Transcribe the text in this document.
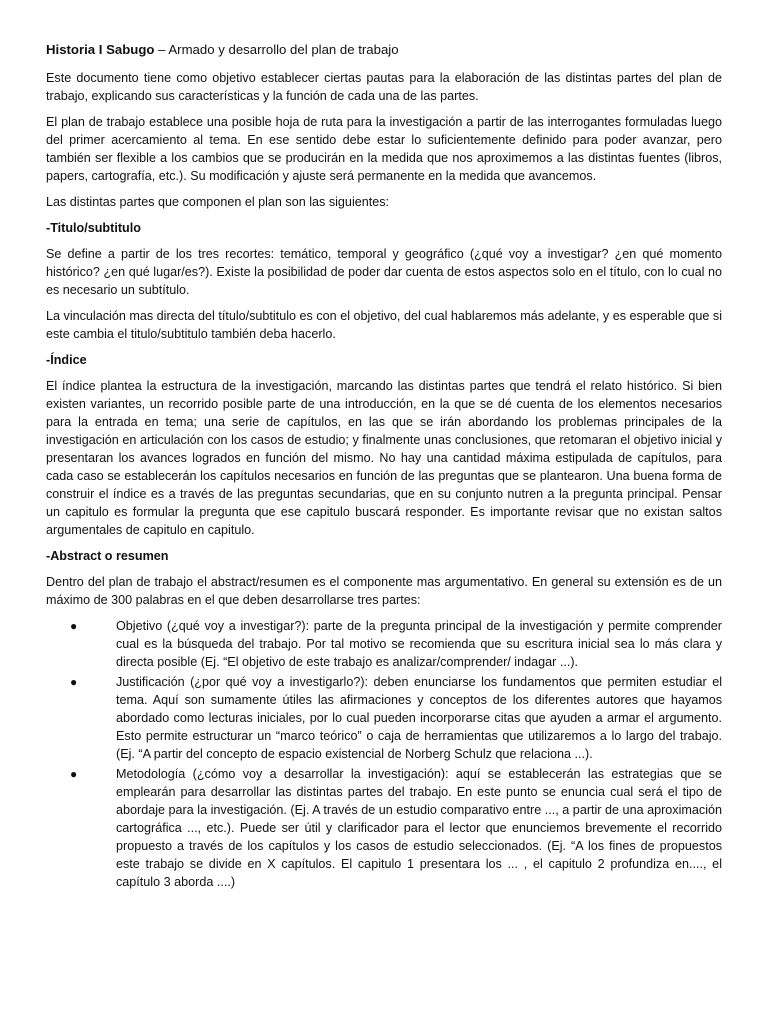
Historia I Sabugo – Armado y desarrollo del plan de trabajo

Este documento tiene como objetivo establecer ciertas pautas para la elaboración de las distintas partes del plan de trabajo, explicando sus características y la función de cada una de las partes.

El plan de trabajo establece una posible hoja de ruta para la investigación a partir de las interrogantes formuladas luego del primer acercamiento al tema. En ese sentido debe estar lo suficientemente definido para poder avanzar, pero también ser flexible a los cambios que se producirán en la medida que nos aproximemos a las distintas fuentes (libros, papers, cartografía, etc.). Su modificación y ajuste será permanente en la medida que avancemos.

Las distintas partes que componen el plan son las siguientes:

-Titulo/subtitulo

Se define a partir de los tres recortes: temático, temporal y geográfico (¿qué voy a investigar? ¿en qué momento histórico? ¿en qué lugar/es?). Existe la posibilidad de poder dar cuenta de estos aspectos solo en el título, con lo cual no es necesario un subtítulo.

La vinculación mas directa del título/subtitulo es con el objetivo, del cual hablaremos más adelante, y es esperable que si este cambia el titulo/subtitulo también deba hacerlo.

-Índice

El índice plantea la estructura de la investigación, marcando las distintas partes que tendrá el relato histórico. Si bien existen variantes, un recorrido posible parte de una introducción, en la que se dé cuenta de los elementos necesarios para la entrada en tema; una serie de capítulos, en las que se irán abordando los problemas principales de la investigación en articulación con los casos de estudio; y finalmente unas conclusiones, que retomaran el objetivo inicial y presentaran los avances logrados en función del mismo. No hay una cantidad máxima estipulada de capítulos, para cada caso se establecerán los capítulos necesarios en función de las preguntas que se plantearon. Una buena forma de construir el índice es a través de las preguntas secundarias, que en su conjunto nutren a la pregunta principal. Pensar un capitulo es formular la pregunta que ese capitulo buscará responder. Es importante revisar que no existan saltos argumentales de capitulo en capitulo.

-Abstract o resumen

Dentro del plan de trabajo el abstract/resumen es el componente mas argumentativo. En general su extensión es de un máximo de 300 palabras en el que deben desarrollarse tres partes:

●	Objetivo (¿qué voy a investigar?): parte de la pregunta principal de la investigación y permite comprender cual es la búsqueda del trabajo. Por tal motivo se recomienda que su escritura inicial sea lo más clara y directa posible (Ej. “El objetivo de este trabajo es analizar/comprender/ indagar ...).
●	Justificación (¿por qué voy a investigarlo?): deben enunciarse los fundamentos que permiten estudiar el tema. Aquí son sumamente útiles las afirmaciones y conceptos de los diferentes autores que hayamos abordado como lecturas iniciales, por lo cual pueden incorporarse citas que ayuden a armar el argumento. Esto permite estructurar un “marco teórico” o caja de herramientas que utilizaremos a lo largo del trabajo. (Ej. “A partir del concepto de espacio existencial de Norberg Schulz que relaciona ...).
●	Metodología (¿cómo voy a desarrollar la investigación): aquí se establecerán las estrategias que se emplearán para desarrollar las distintas partes del trabajo. En este punto se enuncia cual será el tipo de abordaje para la investigación. (Ej. A través de un estudio comparativo entre ..., a partir de una aproximación cartográfica ..., etc.). Puede ser útil y clarificador para el lector que enunciemos brevemente el recorrido propuesto a través de los capítulos y los casos de estudio seleccionados. (Ej. “A los fines de propuestos este trabajo se divide en X capítulos. El capitulo 1 presentara los ... , el capitulo 2 profundiza en...., el capítulo 3 aborda ....)
